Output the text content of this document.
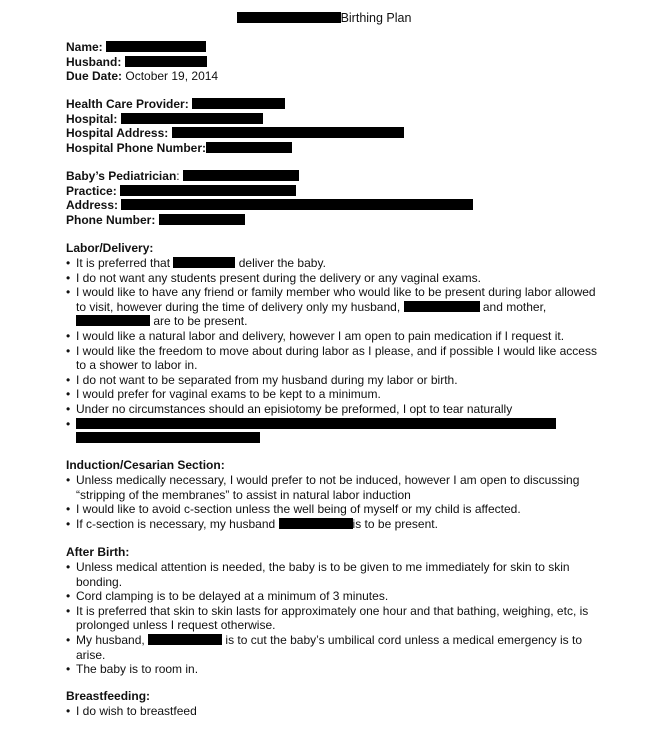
Birthing Plan
Name:
Husband:
Due Date: October 19, 2014
Health Care Provider:
Hospital:
Hospital Address:
Hospital Phone Number:
Baby’s Pediatrician:
Practice:
Address:
Phone Number:
Labor/Delivery:
• It is preferred that	deliver the baby.
• I do not want any students present during the delivery or any vaginal exams.
• I would like to have any friend or family member who would like to be present during labor allowed to visit, however during the time of delivery only my husband,	and mother,  are to be present.
• I would like a natural labor and delivery, however I am open to pain medication if I request it.
• I would like the freedom to move about during labor as I please, and if possible I would like access to a shower to labor in.
• I do not want to be separated from my husband during my labor or birth.
• I would prefer for vaginal exams to be kept to a minimum.
• Under no circumstances should an episiotomy be preformed, I opt to tear naturally
•

Induction/Cesarian Section:
• Unless medically necessary, I would prefer to not be induced, however I am open to discussing “stripping of the membranes” to assist in natural labor induction
• I would like to avoid c-section unless the well being of myself or my child is affected.
• If c-section is necessary, my husband	is to be present.
After Birth:
• Unless medical attention is needed, the baby is to be given to me immediately for skin to skin bonding.
• Cord clamping is to be delayed at a minimum of 3 minutes.
• It is preferred that skin to skin lasts for approximately one hour and that bathing, weighing, etc, is prolonged unless I request otherwise.
• My husband,	is to cut the baby’s umbilical cord unless a medical emergency is to arise.
• The baby is to room in.
Breastfeeding:
• I do wish to breastfeed
